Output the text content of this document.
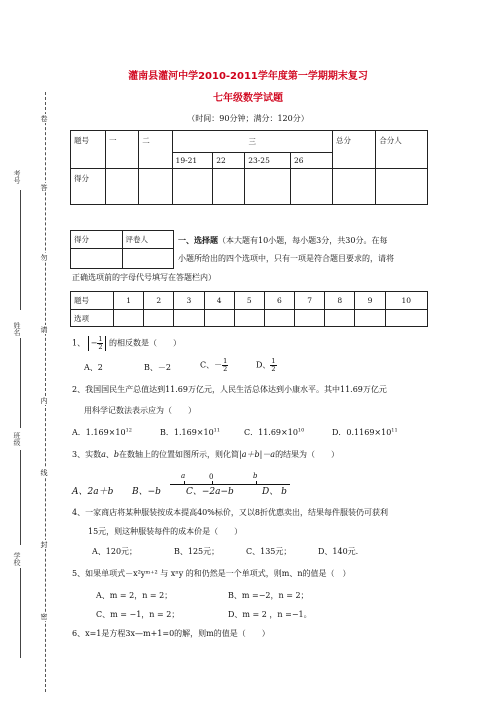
考号
姓名
班级
学校
卷
答
勿
请
内
线
封
密
灌南县灌河中学2010-2011学年度第一学期期末复习
七年级数学试题
（时间：90分钟；满分：120分）
题号	一	二	三				总分	合分人
			19-21	22	23-25	26		
得分								
得分	评卷人
		一、选择题（本大题有10小题，每小题3分，共30分。在每
小题所给出的四个选项中，只有一项是符合题目要求的，请将
正确选项前的字母代号填写在答题栏内）
题号	1	2	3	4	5	6	7	8	9	10
选项										
1、 − $\frac{1}{2}$ 的相反数是（　　）
A、2	B、－2	C、－ $\frac{1}{2}$	D、 $\frac{1}{2}$
2、我国国民生产总值达到11.69万亿元，人民生活总体达到小康水平。其中11.69万亿元
用科学记数法表示应为（　　）
A．$1.169\times 10^{12}$	B．$1.169\times 10^{11}$	C．$11.69\times 10^{10}$	D．$0.1169\times 10^{11}$
3、实数a、b在数轴上的位置如图所示，则化简|a＋b|－a的结果为（　　）
a	0	b
A、2a＋b B、−b	C、−2a−b	D、 b
4、一家商店将某种服装按成本提高40%标价，又以8折优惠卖出，结果每件服装仍可获利
15元，则这种服装每件的成本价是（　　）
A、120元；	B、125元；	C、135元；	D、140元.
5、如果单项式－x²yᵐ⁺² 与 xⁿy 的和仍然是一个单项式，则m、n的值是（　）
A、m = 2，n = 2；	B、m =−2，n = 2；
C、m = −1，n = 2；	D、m = 2 ，n =−1。
6、x=1是方程3x—m+1=0的解，则m的值是（　　）
